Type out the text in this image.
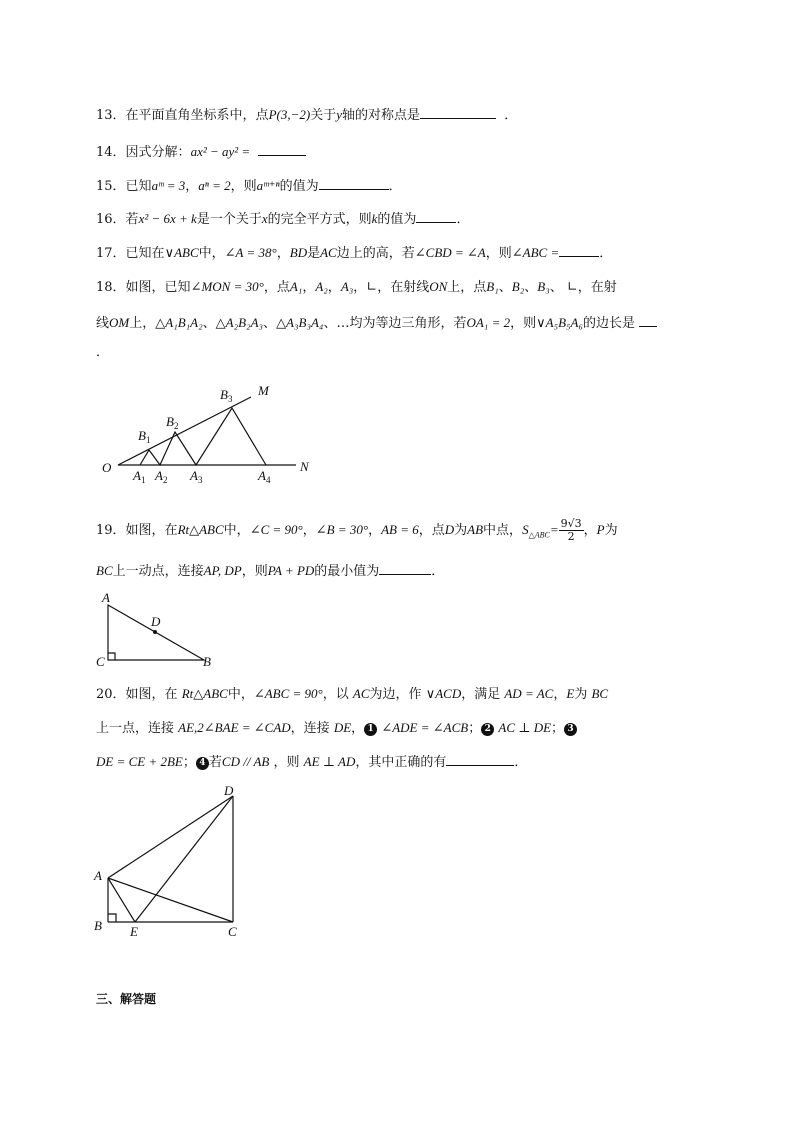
13．在平面直角坐标系中，点P(3,−2)关于y轴的对称点是	．
14．因式分解：ax² − ay² =
15．已知aᵐ = 3，aⁿ = 2，则aᵐ⁺ⁿ的值为	．
16．若x² − 6x + k是一个关于x的完全平方式，则k的值为	．
17．已知在∨ABC中，∠A = 38°，BD是AC边上的高，若∠CBD = ∠A，则∠ABC =	．
18．如图，已知∠MON = 30°，点A₁，A₂，A₃，∟，在射线ON上，点B₁、B₂、B₃、 ∟，在射
线OM上，△A₁B₁A₂、△A₂B₂A₃、△A₃B₃A₄、…均为等边三角形，若OA₁ = 2，则∨A₅B₅A₆的边长是
．
O
M
N
$B_1$
$B_2$
$B_3$
$A_1$ $A_2$ $A_3$	$A_4$
19．如图，在Rt△ABC中，∠C = 90°，∠B = 30°，AB = 6，点D为AB中点，$S_{\triangle ABC}= \frac{9√3}{2}$ ，P为
BC上一动点，连接AP, DP，则PA + PD的最小值为	．
A
D
C	B
20．如图，在 Rt△ABC中，∠ABC = 90°，以 AC为边，作 ∨ACD，满足 AD = AC，E为 BC
上一点，连接 AE,2∠BAE = ∠CAD，连接 DE， 1 ∠ADE = ∠ACB； 2 AC ⊥ DE； 3
DE = CE + 2BE； 4 若CD // AB ，则 AE ⊥ AD，其中正确的有	．
D
A
B E	C
三、解答题
